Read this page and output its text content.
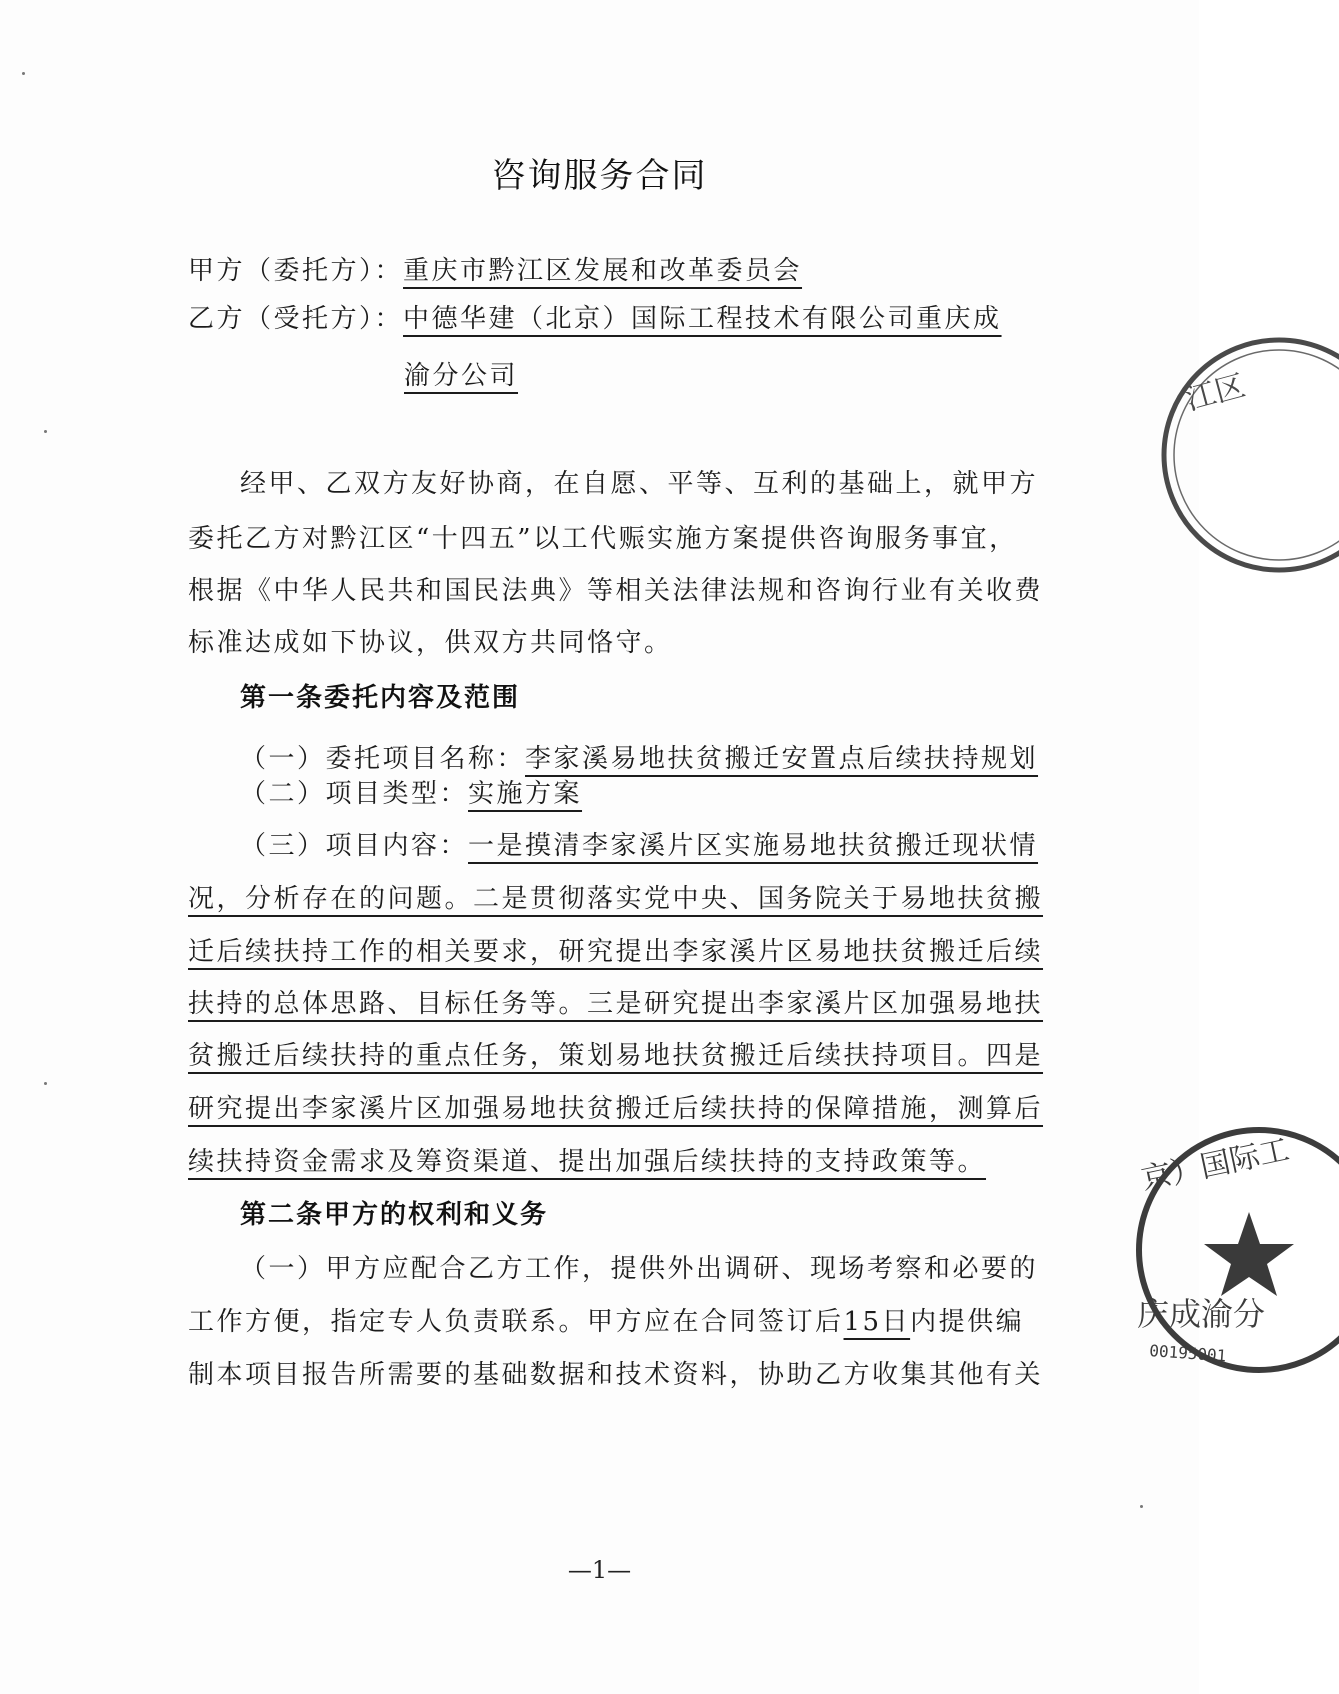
咨询服务合同
甲方（委托方）：重庆市黔江区发展和改革委员会
乙方（受托方）：中德华建（北京）国际工程技术有限公司重庆成
渝分公司
经甲、乙双方友好协商，在自愿、平等、互利的基础上，就甲方
委托乙方对黔江区“十四五”以工代赈实施方案提供咨询服务事宜，
根据《中华人民共和国民法典》等相关法律法规和咨询行业有关收费
标准达成如下协议，供双方共同恪守。
第一条委托内容及范围
（一）委托项目名称：李家溪易地扶贫搬迁安置点后续扶持规划
（二）项目类型：实施方案
（三）项目内容：一是摸清李家溪片区实施易地扶贫搬迁现状情
况，分析存在的问题。二是贯彻落实党中央、国务院关于易地扶贫搬
迁后续扶持工作的相关要求，研究提出李家溪片区易地扶贫搬迁后续
扶持的总体思路、目标任务等。三是研究提出李家溪片区加强易地扶
贫搬迁后续扶持的重点任务，策划易地扶贫搬迁后续扶持项目。四是
研究提出李家溪片区加强易地扶贫搬迁后续扶持的保障措施，测算后
续扶持资金需求及筹资渠道、提出加强后续扶持的支持政策等。
第二条甲方的权利和义务
（一）甲方应配合乙方工作，提供外出调研、现场考察和必要的
工作方便，指定专人负责联系。甲方应在合同签订后15日内提供编
制本项目报告所需要的基础数据和技术资料，协助乙方收集其他有关
—1—
江区
京）国际工
庆成渝分
00195001
